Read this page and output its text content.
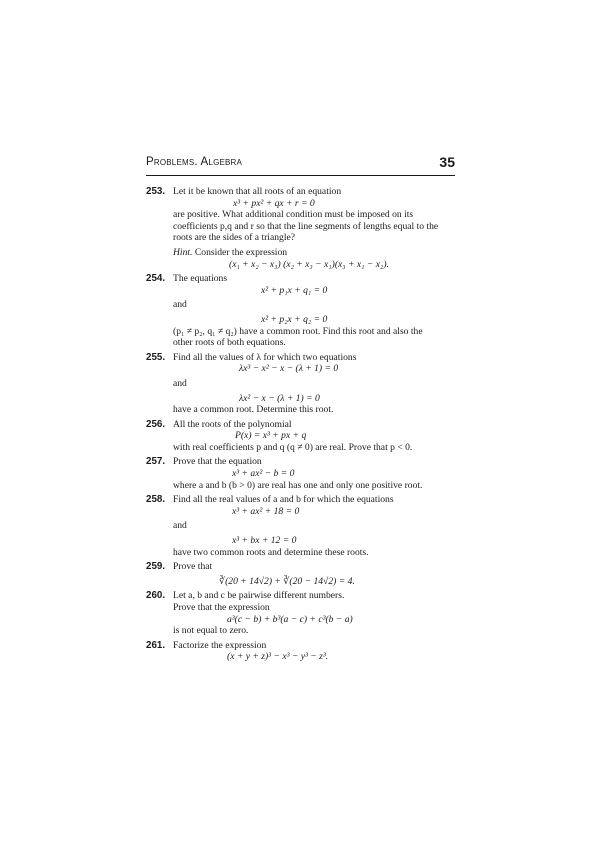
Problems. Algebra	35
253. Let it be known that all roots of an equation
x³ + px² + qx + r = 0
are positive. What additional condition must be imposed on its
coefficients p,q and r so that the line segments of lengths equal to the
roots are the sides of a triangle?
Hint. Consider the expression
(x₁ + x₂ − x₃) (x₂ + x₃ − x₁)(x₃ + x₁ − x₂).
254. The equations
x² + p₁x + q₁ = 0
and
x² + p₂x + q₂ = 0
(p₁ ≠ p₂, q₁ ≠ q₂) have a common root. Find this root and also the
other roots of both equations.
255. Find all the values of λ for which two equations
λx³ − x² − x − (λ + 1) = 0
and
λx² − x − (λ + 1) = 0
have a common root. Determine this root.
256. All the roots of the polynomial
P(x) = x³ + px + q
with real coefficients p and q (q ≠ 0) are real. Prove that p < 0.
257. Prove that the equation
x³ + ax² − b = 0
where a and b (b > 0) are real has one and only one positive root.
258. Find all the real values of a and b for which the equations
x³ + ax² + 18 = 0
and
x³ + bx + 12 = 0
have two common roots and determine these roots.
259. Prove that
∛(20 + 14√2) + ∛(20 − 14√2) = 4.
260. Let a, b and c be pairwise different numbers.
Prove that the expression
a³(c − b) + b³(a − c) + c³(b − a)
is not equal to zero.
261. Factorize the expression
(x + y + z)³ − x³ − y³ − z³.
